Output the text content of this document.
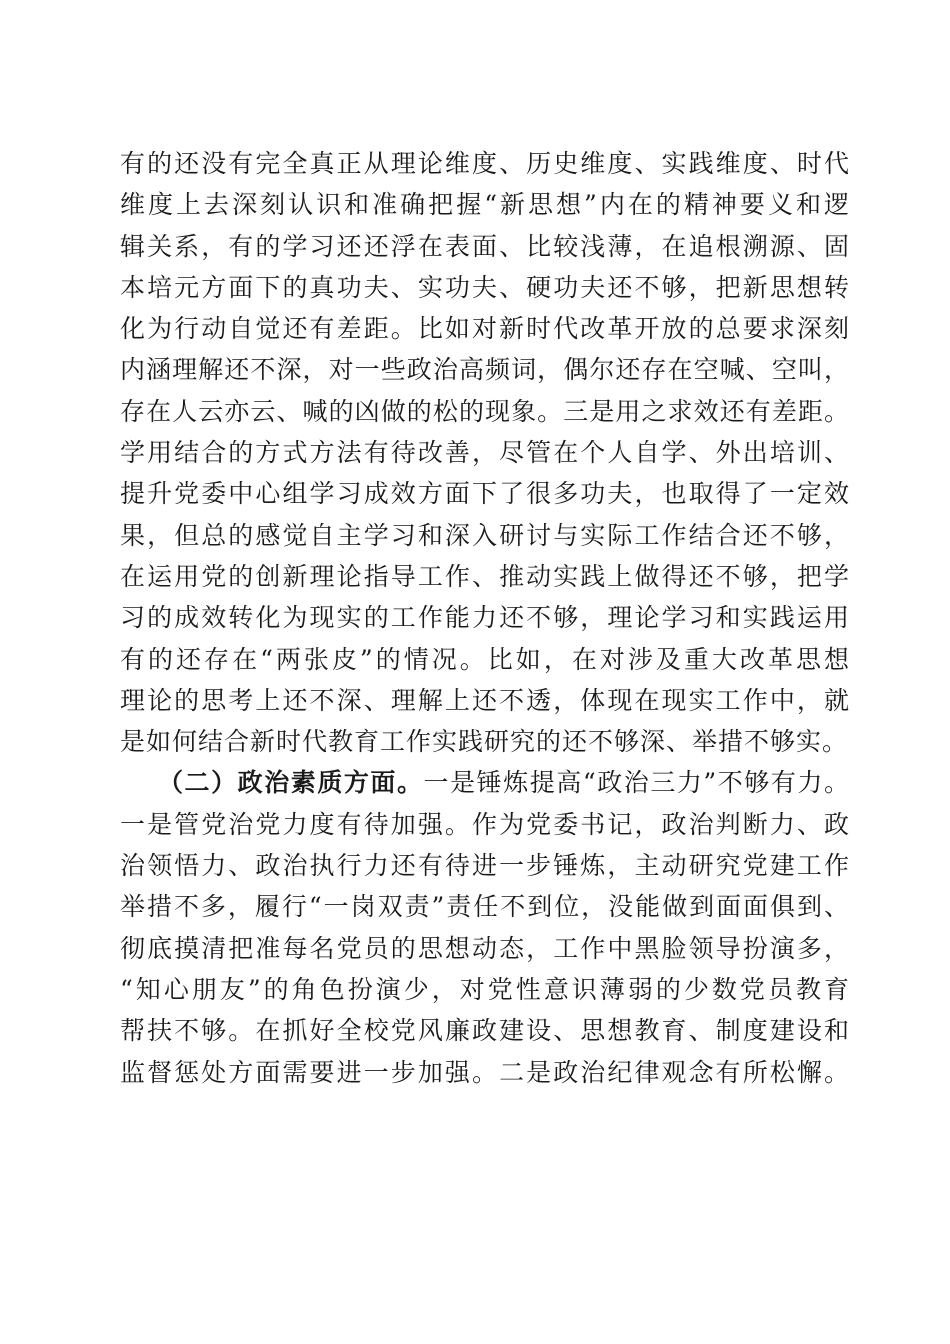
有的还没有完全真正从理论维度、历史维度、实践维度、时代
维度上去深刻认识和准确把握“新思想”内在的精神要义和逻
辑关系，有的学习还还浮在表面、比较浅薄，在追根溯源、固
本培元方面下的真功夫、实功夫、硬功夫还不够，把新思想转
化为行动自觉还有差距。比如对新时代改革开放的总要求深刻
内涵理解还不深，对一些政治高频词，偶尔还存在空喊、空叫，
存在人云亦云、喊的凶做的松的现象。三是用之求效还有差距。
学用结合的方式方法有待改善，尽管在个人自学、外出培训、
提升党委中心组学习成效方面下了很多功夫，也取得了一定效
果，但总的感觉自主学习和深入研讨与实际工作结合还不够，
在运用党的创新理论指导工作、推动实践上做得还不够，把学
习的成效转化为现实的工作能力还不够，理论学习和实践运用
有的还存在“两张皮”的情况。比如，在对涉及重大改革思想
理论的思考上还不深、理解上还不透，体现在现实工作中，就
是如何结合新时代教育工作实践研究的还不够深、举措不够实。
（二）政治素质方面。一是锤炼提高“政治三力”不够有力。
一是管党治党力度有待加强。作为党委书记，政治判断力、政
治领悟力、政治执行力还有待进一步锤炼，主动研究党建工作
举措不多，履行“一岗双责”责任不到位，没能做到面面俱到、
彻底摸清把准每名党员的思想动态，工作中黑脸领导扮演多，
“知心朋友”的角色扮演少，对党性意识薄弱的少数党员教育
帮扶不够。在抓好全校党风廉政建设、思想教育、制度建设和
监督惩处方面需要进一步加强。二是政治纪律观念有所松懈。
